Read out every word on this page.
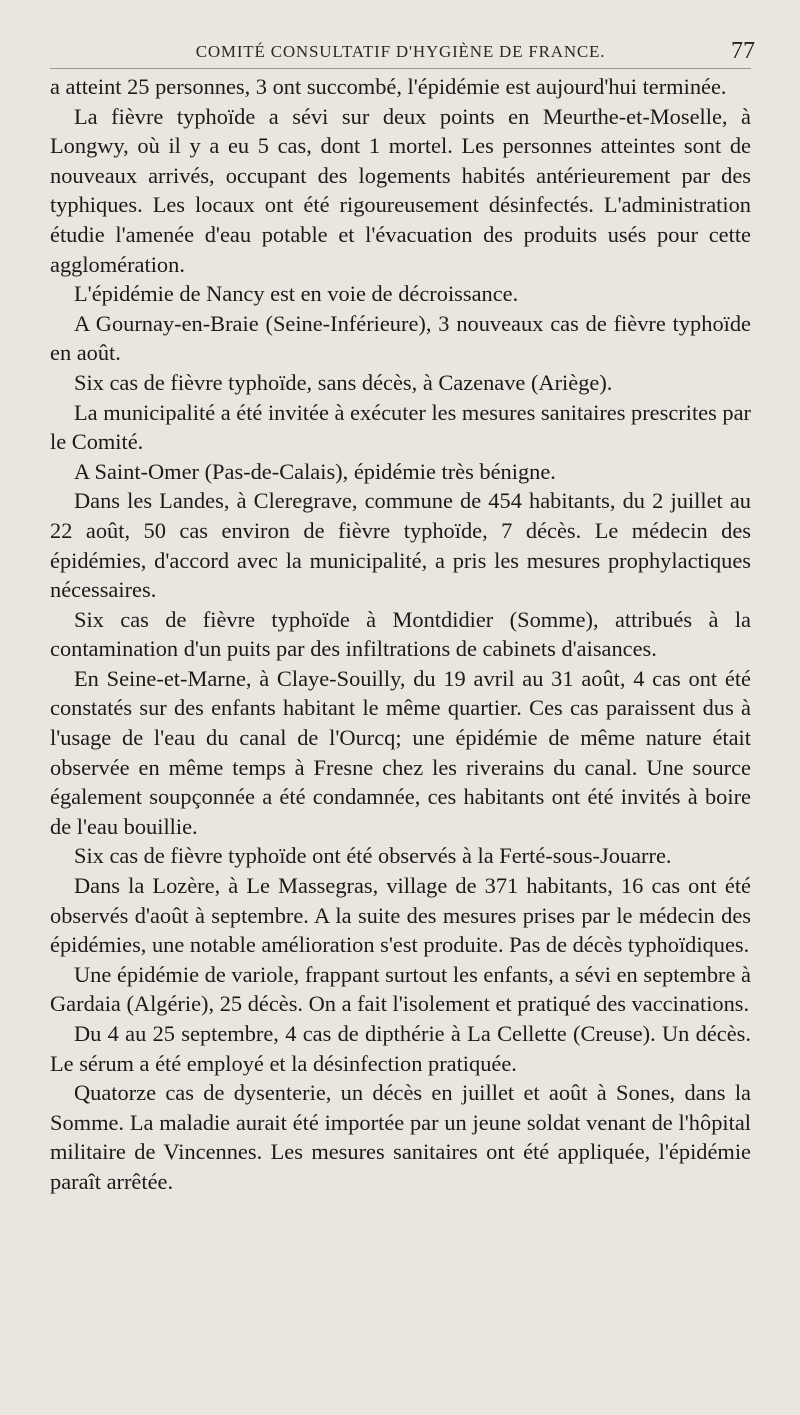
COMITÉ CONSULTATIF D'HYGIÈNE DE FRANCE.	77

a atteint 25 personnes, 3 ont succombé, l'épidémie est aujourd'hui terminée.

La fièvre typhoïde a sévi sur deux points en Meurthe-et-Moselle, à Longwy, où il y a eu 5 cas, dont 1 mortel. Les personnes atteintes sont de nouveaux arrivés, occupant des logements habités antérieurement par des typhiques. Les locaux ont été rigoureusement désinfectés. L'administration étudie l'amenée d'eau potable et l'évacuation des produits usés pour cette agglomération.

L'épidémie de Nancy est en voie de décroissance.

A Gournay-en-Braie (Seine-Inférieure), 3 nouveaux cas de fièvre typhoïde en août.

Six cas de fièvre typhoïde, sans décès, à Cazenave (Ariège).

La municipalité a été invitée à exécuter les mesures sanitaires prescrites par le Comité.

A Saint-Omer (Pas-de-Calais), épidémie très bénigne.

Dans les Landes, à Cleregrave, commune de 454 habitants, du 2 juillet au 22 août, 50 cas environ de fièvre typhoïde, 7 décès. Le médecin des épidémies, d'accord avec la municipalité, a pris les mesures prophylactiques nécessaires.

Six cas de fièvre typhoïde à Montdidier (Somme), attribués à la contamination d'un puits par des infiltrations de cabinets d'aisances.

En Seine-et-Marne, à Claye-Souilly, du 19 avril au 31 août, 4 cas ont été constatés sur des enfants habitant le même quartier. Ces cas paraissent dus à l'usage de l'eau du canal de l'Ourcq; une épidémie de même nature était observée en même temps à Fresne chez les riverains du canal. Une source également soupçonnée a été condamnée, ces habitants ont été invités à boire de l'eau bouillie.

Six cas de fièvre typhoïde ont été observés à la Ferté-sous-Jouarre.

Dans la Lozère, à Le Massegras, village de 371 habitants, 16 cas ont été observés d'août à septembre. A la suite des mesures prises par le médecin des épidémies, une notable amélioration s'est produite. Pas de décès typhoïdiques.

Une épidémie de variole, frappant surtout les enfants, a sévi en septembre à Gardaia (Algérie), 25 décès. On a fait l'isolement et pratiqué des vaccinations.

Du 4 au 25 septembre, 4 cas de dipthérie à La Cellette (Creuse). Un décès. Le sérum a été employé et la désinfection pratiquée.

Quatorze cas de dysenterie, un décès en juillet et août à Sones, dans la Somme. La maladie aurait été importée par un jeune soldat venant de l'hôpital militaire de Vincennes. Les mesures sanitaires ont été appliquée, l'épidémie paraît arrêtée.
